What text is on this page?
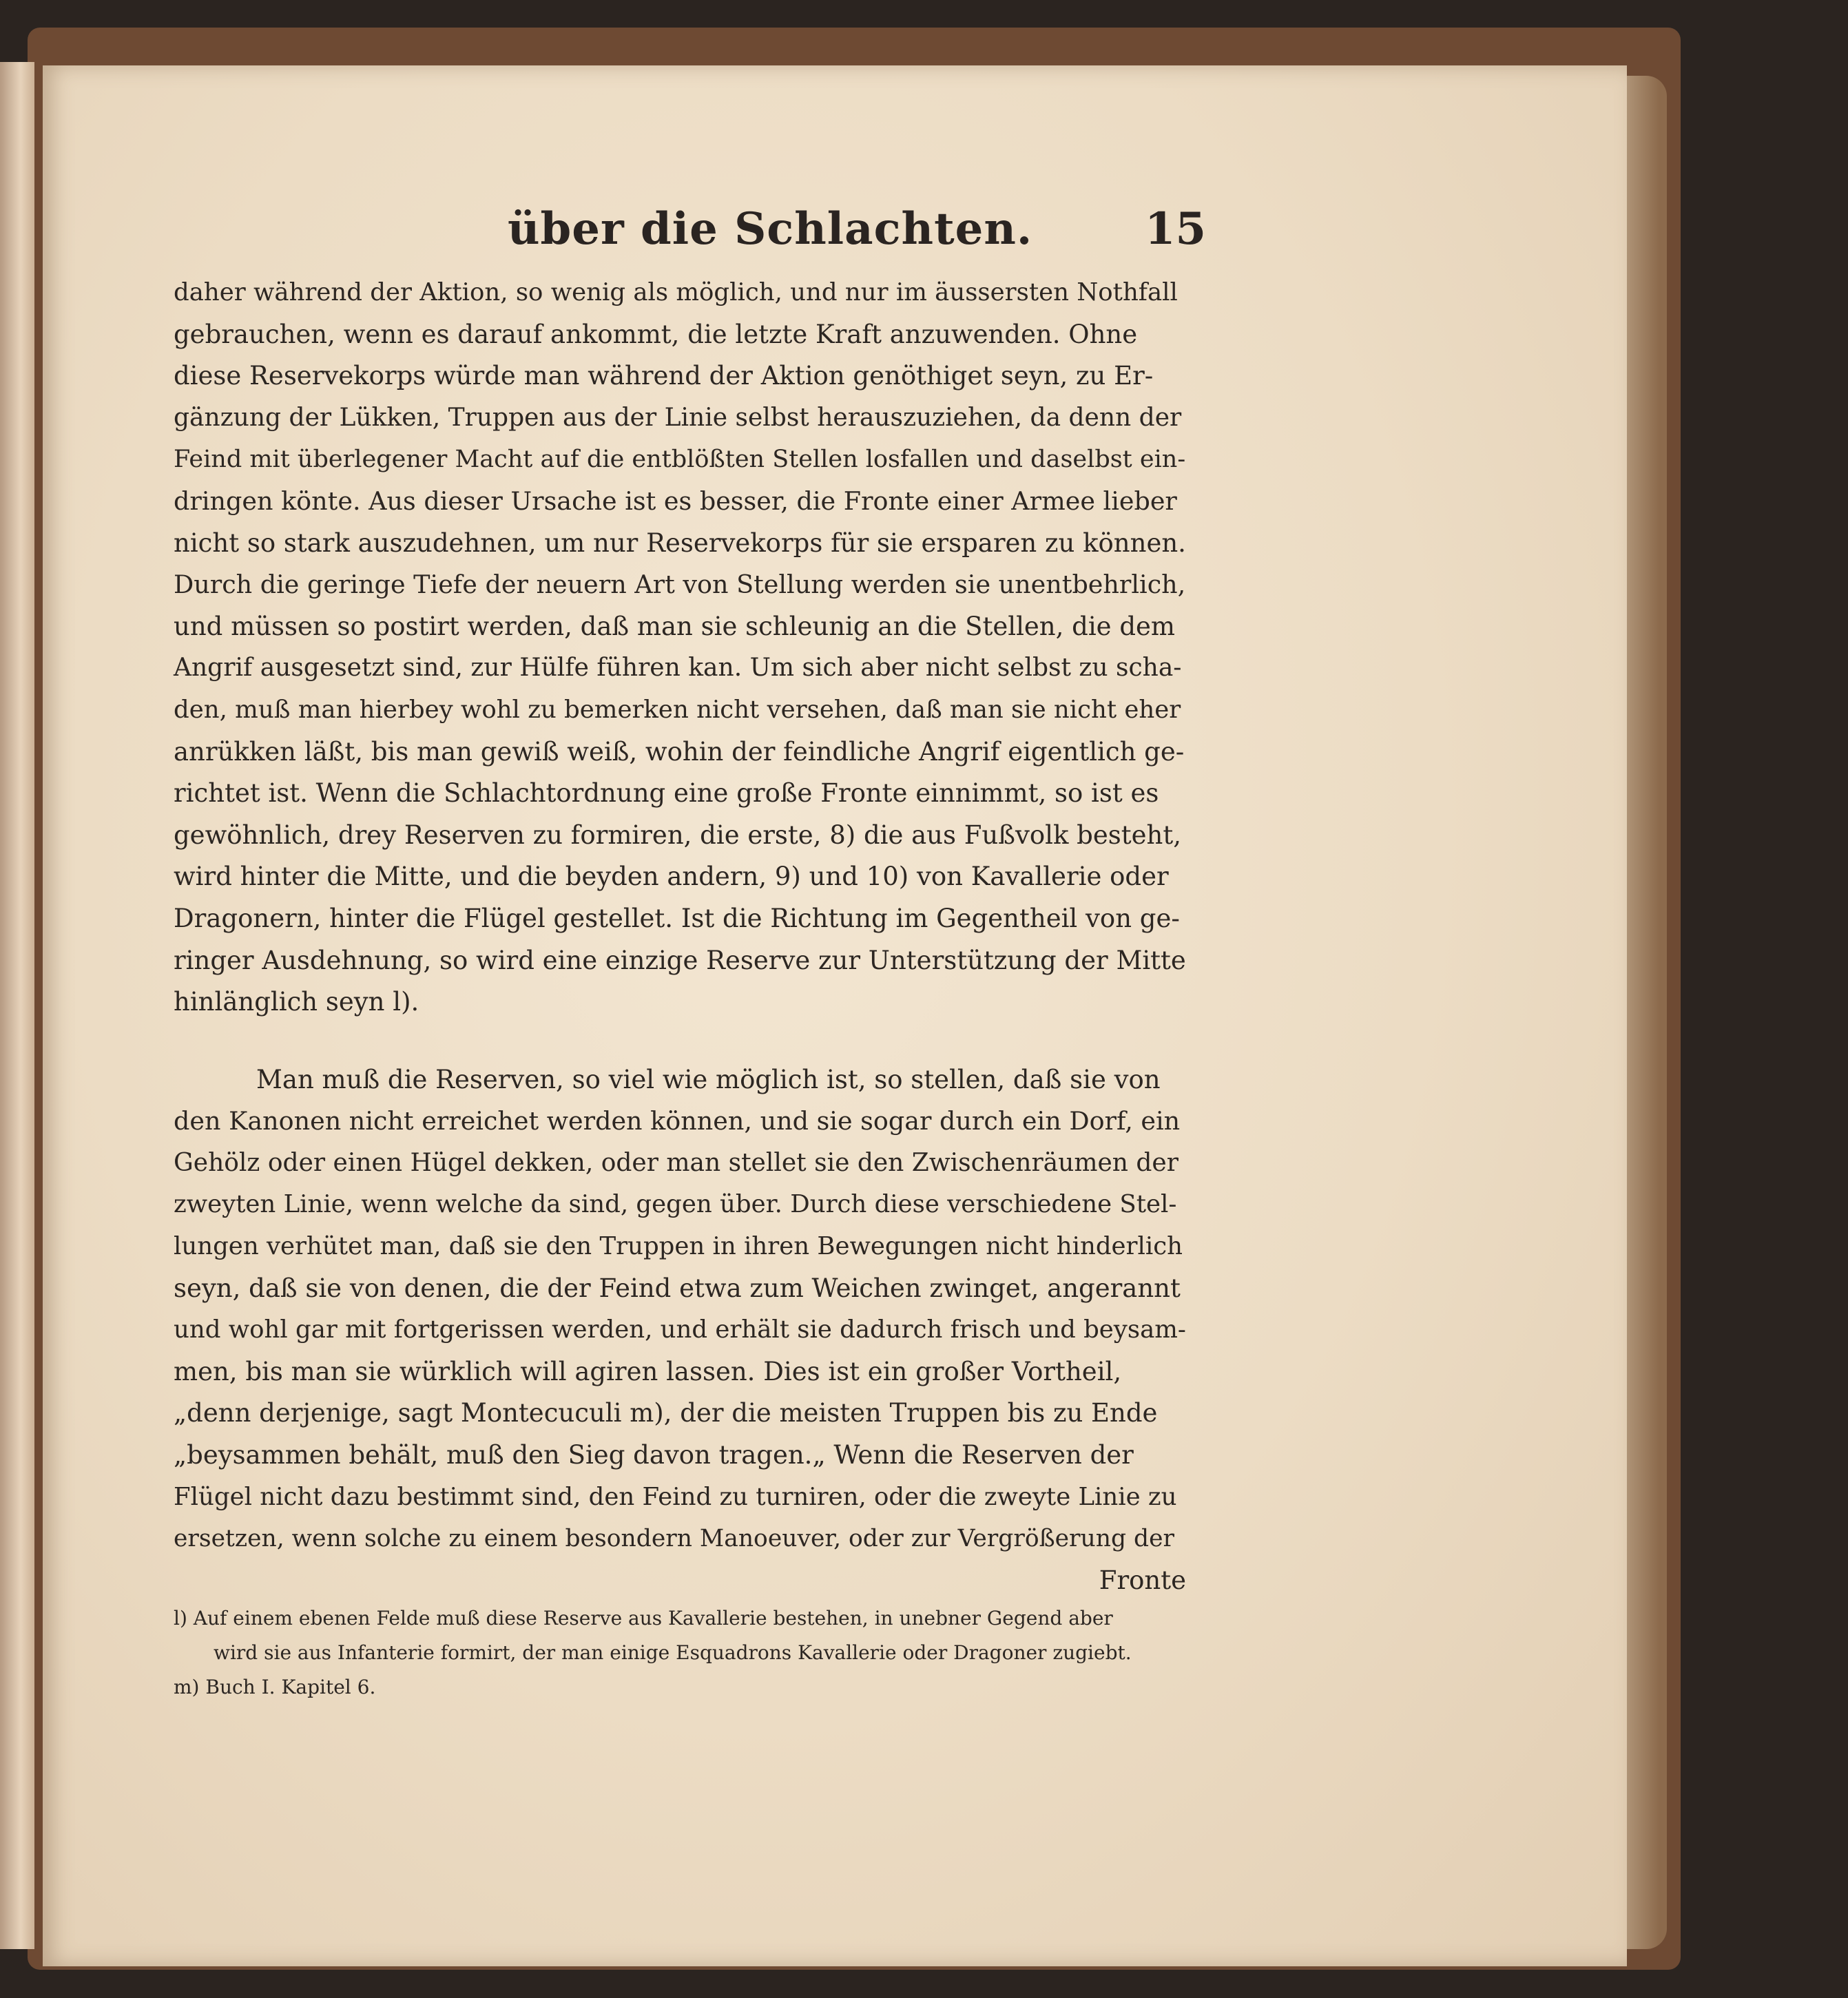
über die Schlachten.	15
daher während der Aktion, so wenig als möglich, und nur im äussersten Nothfall
gebrauchen, wenn es darauf ankommt, die letzte Kraft anzuwenden. Ohne
diese Reservekorps würde man während der Aktion genöthiget seyn, zu Er-
gänzung der Lükken, Truppen aus der Linie selbst herauszuziehen, da denn der
Feind mit überlegener Macht auf die entblößten Stellen losfallen und daselbst ein-
dringen könte. Aus dieser Ursache ist es besser, die Fronte einer Armee lieber
nicht so stark auszudehnen, um nur Reservekorps für sie ersparen zu können.
Durch die geringe Tiefe der neuern Art von Stellung werden sie unentbehrlich,
und müssen so postirt werden, daß man sie schleunig an die Stellen, die dem
Angrif ausgesetzt sind, zur Hülfe führen kan. Um sich aber nicht selbst zu scha-
den, muß man hierbey wohl zu bemerken nicht versehen, daß man sie nicht eher
anrükken läßt, bis man gewiß weiß, wohin der feindliche Angrif eigentlich ge-
richtet ist. Wenn die Schlachtordnung eine große Fronte einnimmt, so ist es
gewöhnlich, drey Reserven zu formiren, die erste, 8) die aus Fußvolk besteht,
wird hinter die Mitte, und die beyden andern, 9) und 10) von Kavallerie oder
Dragonern, hinter die Flügel gestellet. Ist die Richtung im Gegentheil von ge-
ringer Ausdehnung, so wird eine einzige Reserve zur Unterstützung der Mitte
hinlänglich seyn l).
Man muß die Reserven, so viel wie möglich ist, so stellen, daß sie von
den Kanonen nicht erreichet werden können, und sie sogar durch ein Dorf, ein
Gehölz oder einen Hügel dekken, oder man stellet sie den Zwischenräumen der
zweyten Linie, wenn welche da sind, gegen über. Durch diese verschiedene Stel-
lungen verhütet man, daß sie den Truppen in ihren Bewegungen nicht hinderlich
seyn, daß sie von denen, die der Feind etwa zum Weichen zwinget, angerannt
und wohl gar mit fortgerissen werden, und erhält sie dadurch frisch und beysam-
men, bis man sie würklich will agiren lassen. Dies ist ein großer Vortheil,
„denn derjenige, sagt Montecuculi m), der die meisten Truppen bis zu Ende
„beysammen behält, muß den Sieg davon tragen.„ Wenn die Reserven der
Flügel nicht dazu bestimmt sind, den Feind zu turniren, oder die zweyte Linie zu
ersetzen, wenn solche zu einem besondern Manoeuver, oder zur Vergrößerung der
Fronte
l) Auf einem ebenen Felde muß diese Reserve aus Kavallerie bestehen, in unebner Gegend aber
wird sie aus Infanterie formirt, der man einige Esquadrons Kavallerie oder Dragoner zugiebt.
m) Buch I. Kapitel 6.
